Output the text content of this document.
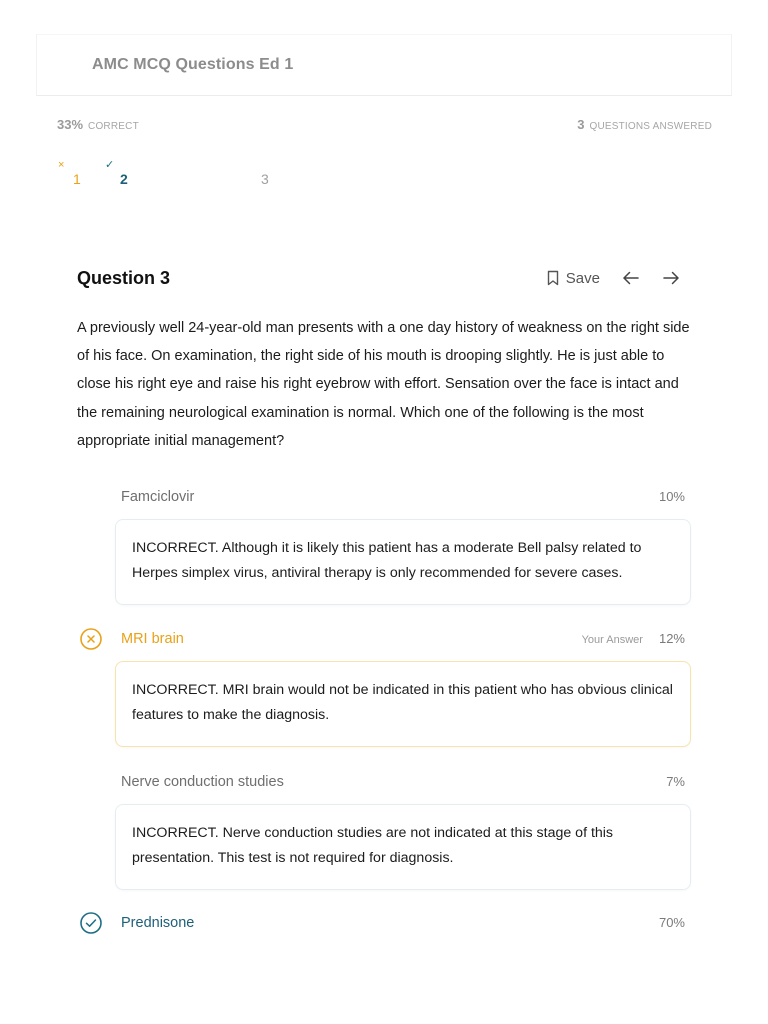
AMC MCQ Questions Ed 1
33% CORRECT	3 QUESTIONS ANSWERED
×
1
✓
2	3
Question 3	Save
A previously well 24-year-old man presents with a one day history of weakness on the right side of his face. On examination, the right side of his mouth is drooping slightly. He is just able to close his right eye and raise his right eyebrow with effort. Sensation over the face is intact and the remaining neurological examination is normal. Which one of the following is the most appropriate initial management?
Famciclovir	10%
INCORRECT. Although it is likely this patient has a moderate Bell palsy related to Herpes simplex virus, antiviral therapy is only recommended for severe cases.
MRI brain	Your Answer 12%
INCORRECT. MRI brain would not be indicated in this patient who has obvious clinical features to make the diagnosis.
Nerve conduction studies	7%
INCORRECT. Nerve conduction studies are not indicated at this stage of this presentation. This test is not required for diagnosis.
Prednisone	70%
